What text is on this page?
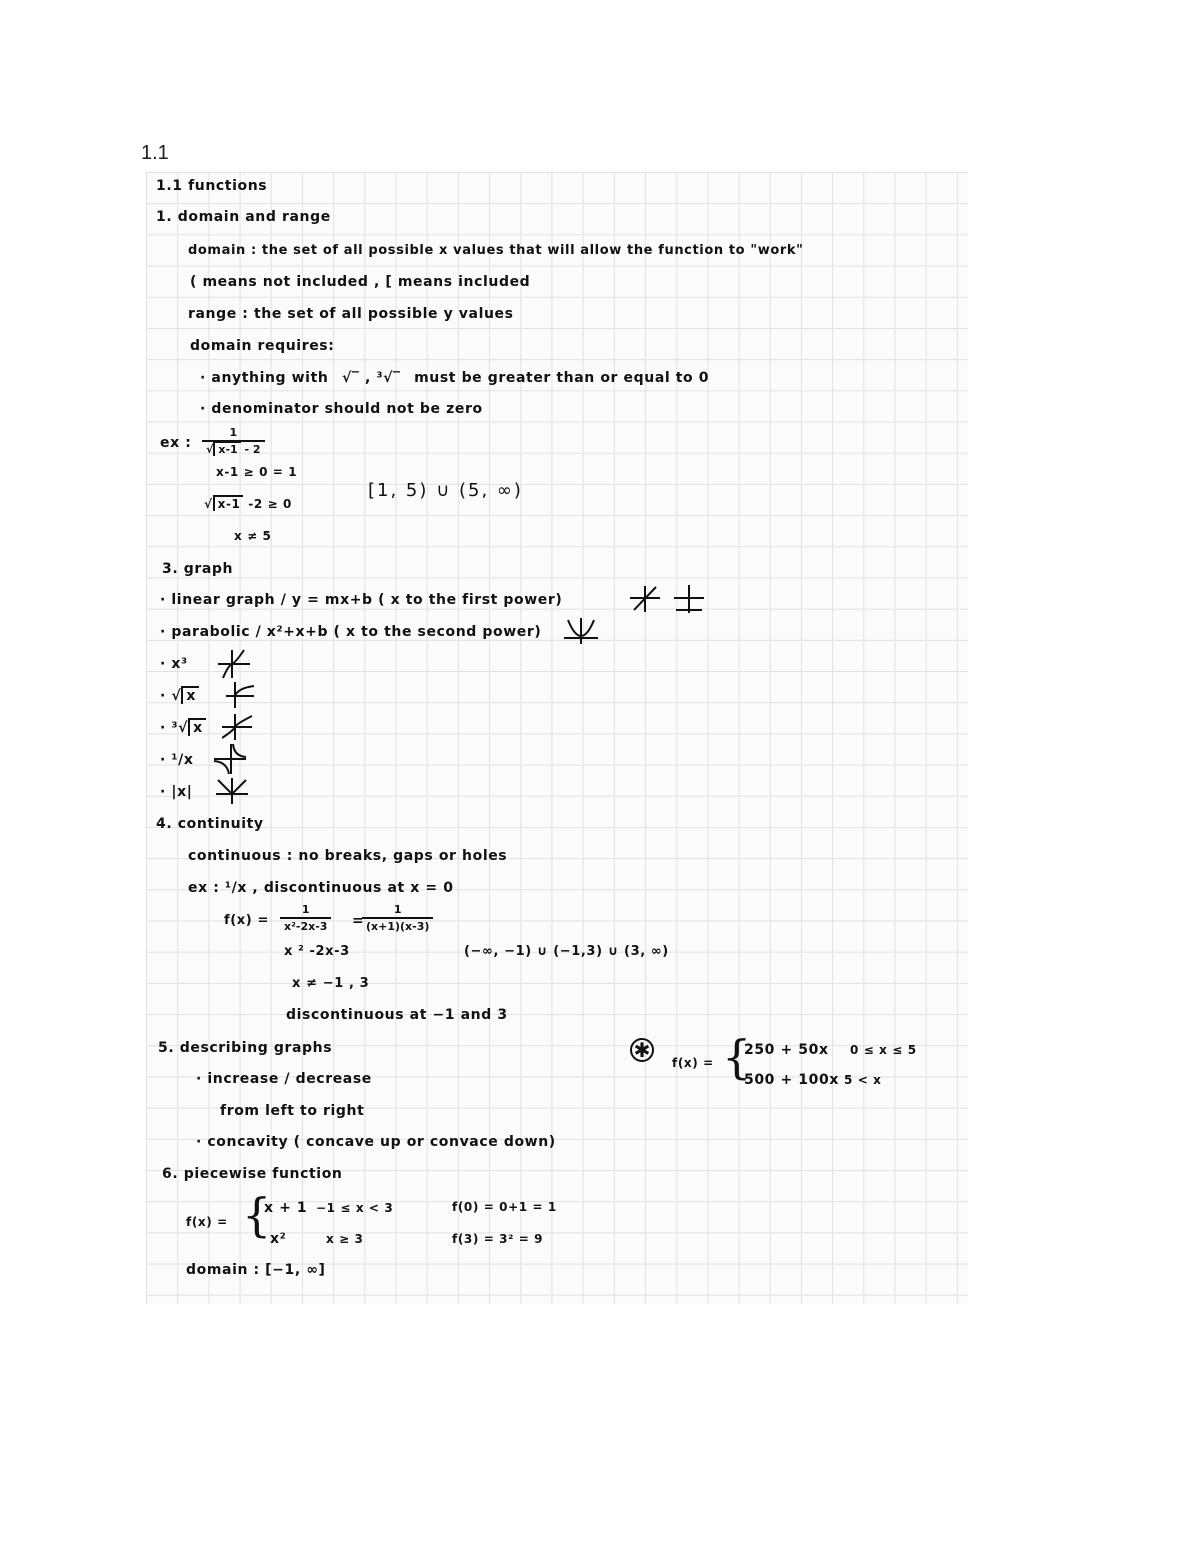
1.1
1.1 functions
1. domain and range
domain : the set of all possible x values that will allow the function to "work"
( means not included , [ means included
range : the set of all possible y values
domain requires:
· anything with √‾ , ³√‾ must be greater than or equal to 0
· denominator should not be zero
ex : $\frac{1}{√ x-1 - 2}$
x-1 ≥ 0 = 1
√ x-1 -2 ≥ 0
x ≠ 5
[1, 5) ∪ (5, ∞)
3. graph
· linear graph / y = mx+b ( x to the first power)
· parabolic / x²+x+b ( x to the second power)
· x³
· √ x
· ³√ x
· ¹/x
· |x|
4. continuity
continuous : no breaks, gaps or holes
ex : ¹/x , discontinuous at x = 0
$f(x) = \frac{1}{\text{x²-2x-3}}$ =
$\frac{1}{(x+1)(x-3)}$
x ² -2x-3	(−∞, −1) ∪ (−1,3) ∪ (3, ∞)
x ≠ −1 , 3
discontinuous at −1 and 3
5. describing graphs
· increase / decrease
from left to right
· concavity ( concave up or convace down)
✱
f(x) = {
250 + 50x 0 ≤ x ≤ 5
500 + 100x 5 < x
6. piecewise function
f(x) = {
x + 1 −1 ≤ x < 3
x²	x ≥ 3
f(0) = 0+1 = 1
f(3) = 3² = 9
domain : [−1, ∞]
